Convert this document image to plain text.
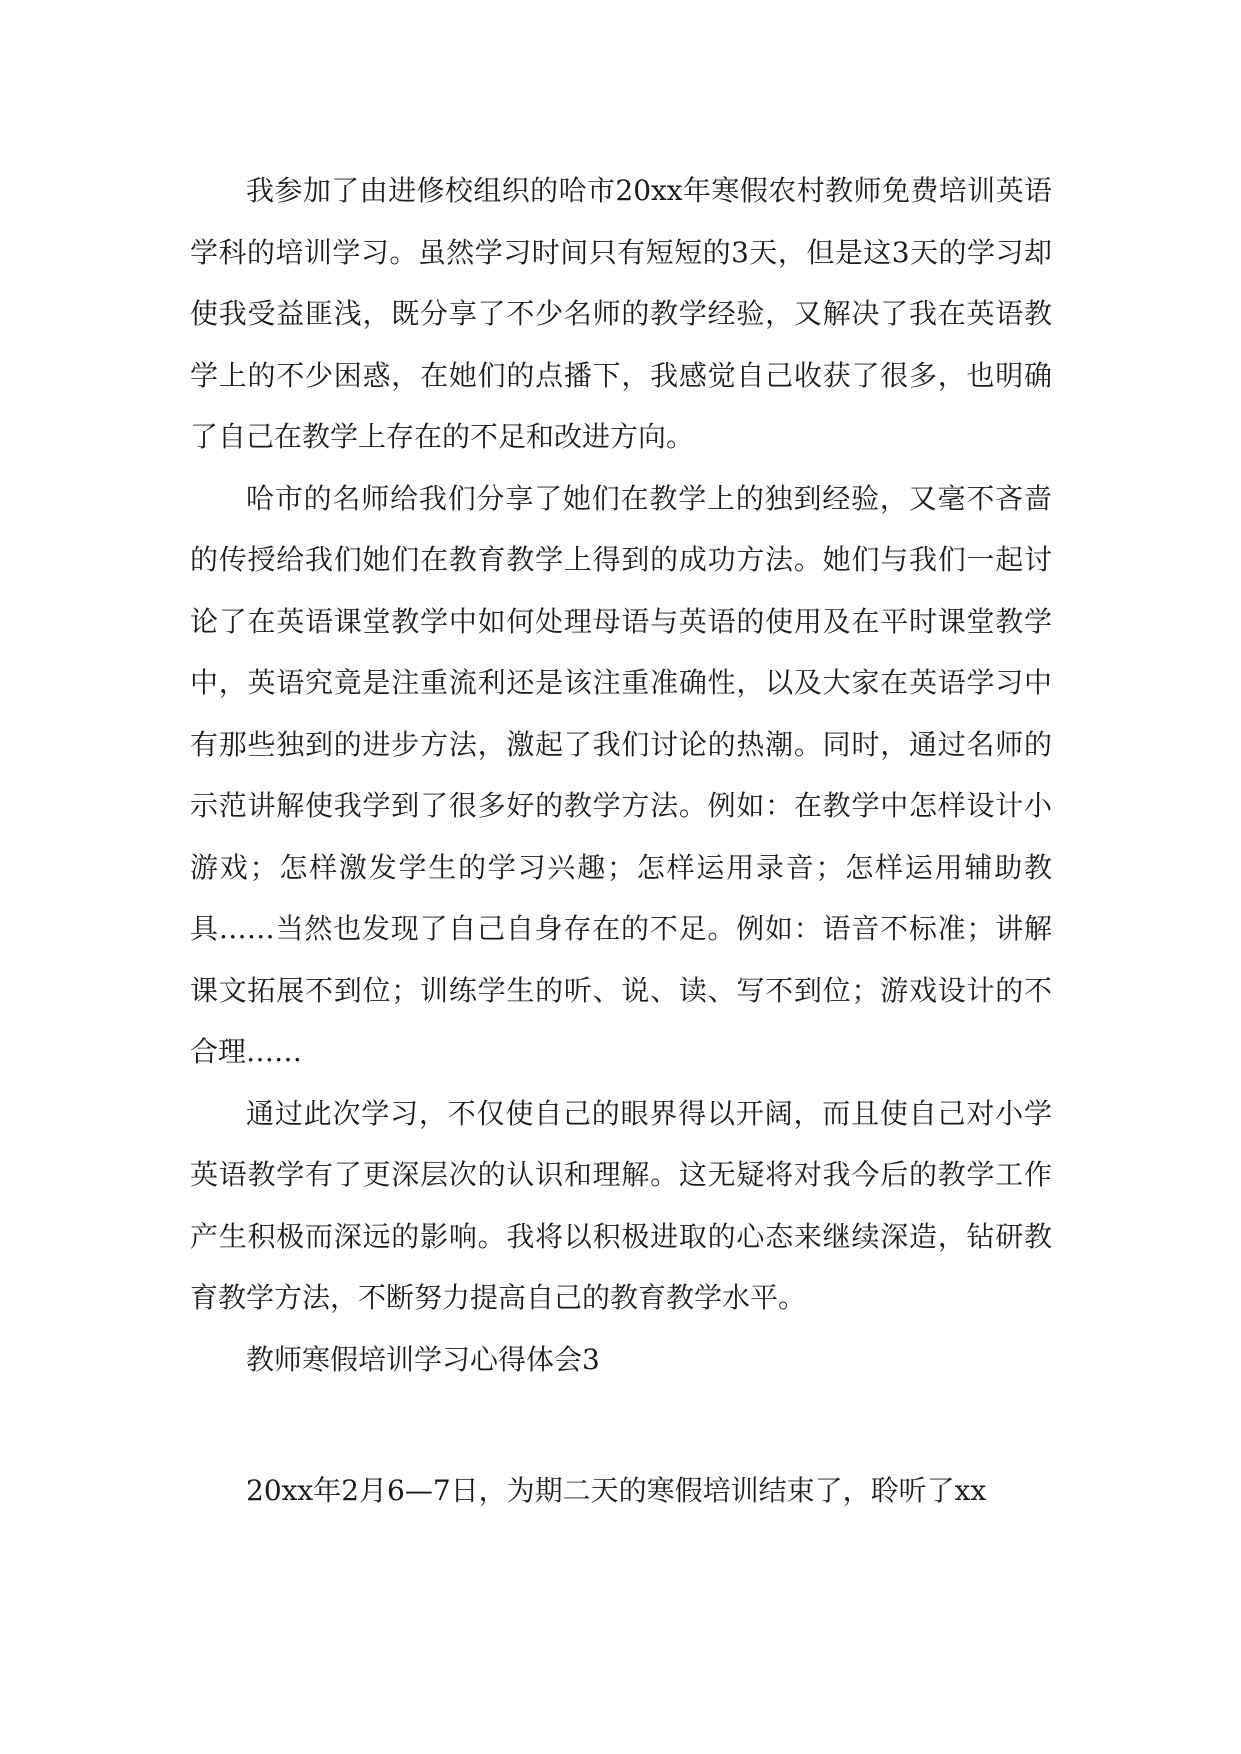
我参加了由进修校组织的哈市20xx年寒假农村教师免费培训英语学科的培训学习。虽然学习时间只有短短的3天，但是这3天的学习却使我受益匪浅，既分享了不少名师的教学经验，又解决了我在英语教学上的不少困惑，在她们的点播下，我感觉自己收获了很多，也明确了自己在教学上存在的不足和改进方向。

哈市的名师给我们分享了她们在教学上的独到经验，又毫不吝啬的传授给我们她们在教育教学上得到的成功方法。她们与我们一起讨论了在英语课堂教学中如何处理母语与英语的使用及在平时课堂教学中，英语究竟是注重流利还是该注重准确性，以及大家在英语学习中有那些独到的进步方法，激起了我们讨论的热潮。同时，通过名师的示范讲解使我学到了很多好的教学方法。例如：在教学中怎样设计小游戏；怎样激发学生的学习兴趣；怎样运用录音；怎样运用辅助教具……当然也发现了自己自身存在的不足。例如：语音不标准；讲解课文拓展不到位；训练学生的听、说、读、写不到位；游戏设计的不合理……

通过此次学习，不仅使自己的眼界得以开阔，而且使自己对小学英语教学有了更深层次的认识和理解。这无疑将对我今后的教学工作产生积极而深远的影响。我将以积极进取的心态来继续深造，钻研教育教学方法，不断努力提高自己的教育教学水平。

教师寒假培训学习心得体会3

20xx年2月6—7日，为期二天的寒假培训结束了，聆听了xx
